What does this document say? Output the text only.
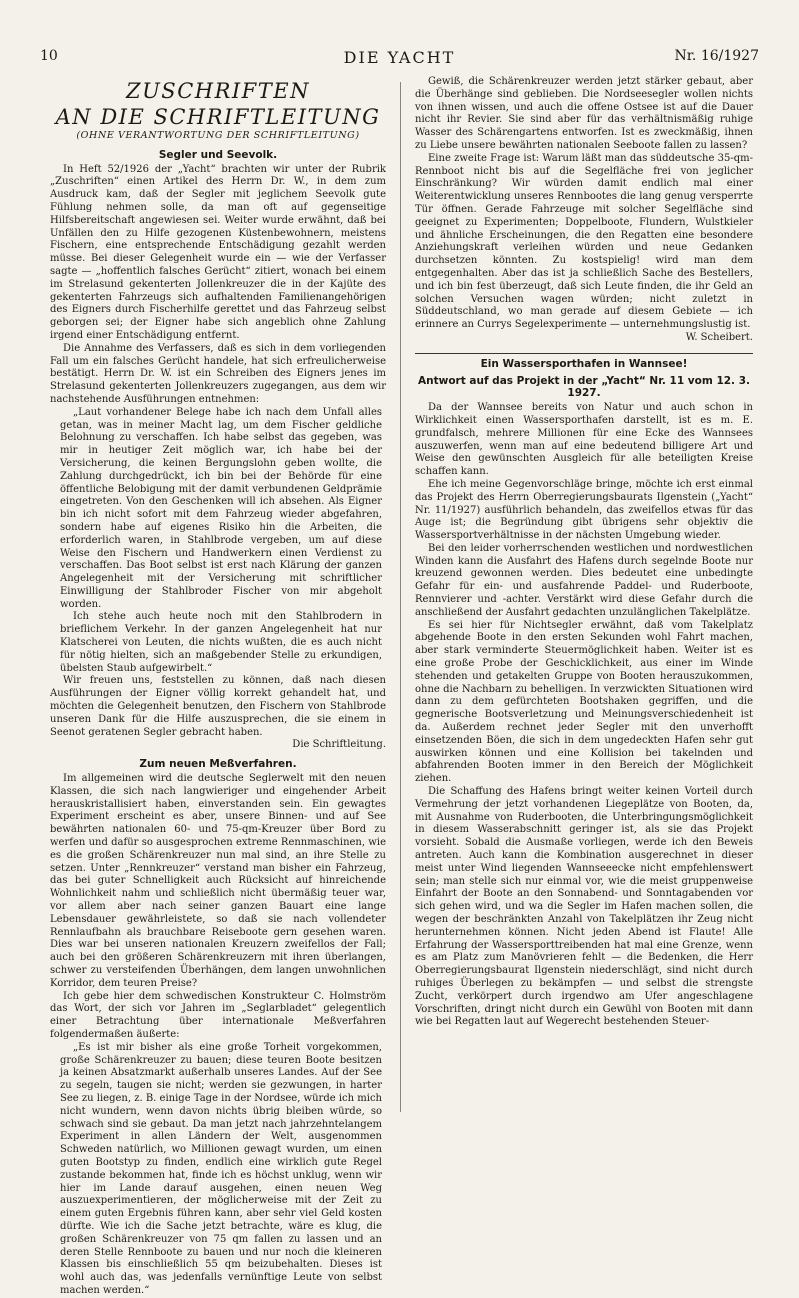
10	DIE YACHT	Nr. 16/1927
ZUSCHRIFTEN
AN DIE SCHRIFTLEITUNG
(OHNE VERANTWORTUNG DER SCHRIFTLEITUNG)
Segler und Seevolk.

In Heft 52/1926 der „Yacht“ brachten wir unter der Rubrik „Zuschriften“ einen Artikel des Herrn Dr. W., in dem zum Ausdruck kam, daß der Segler mit jeglichem Seevolk gute Fühlung nehmen solle, da man oft auf gegenseitige Hilfsbereitschaft angewiesen sei. Weiter wurde erwähnt, daß bei Unfällen den zu Hilfe gezogenen Küstenbewohnern, meistens Fischern, eine entsprechende Entschädigung gezahlt werden müsse. Bei dieser Gelegenheit wurde ein — wie der Verfasser sagte — „hoffentlich falsches Gerücht“ zitiert, wonach bei einem im Strelasund gekenterten Jollenkreuzer die in der Kajüte des gekenterten Fahrzeugs sich aufhaltenden Familienangehörigen des Eigners durch Fischerhilfe gerettet und das Fahrzeug selbst geborgen sei; der Eigner habe sich angeblich ohne Zahlung irgend einer Entschädigung entfernt.

Die Annahme des Verfassers, daß es sich in dem vorliegenden Fall um ein falsches Gerücht handele, hat sich erfreulicherweise bestätigt. Herrn Dr. W. ist ein Schreiben des Eigners jenes im Strelasund gekenterten Jollenkreuzers zugegangen, aus dem wir nachstehende Ausführungen entnehmen:

„Laut vorhandener Belege habe ich nach dem Unfall alles getan, was in meiner Macht lag, um dem Fischer geldliche Belohnung zu verschaffen. Ich habe selbst das gegeben, was mir in heutiger Zeit möglich war, ich habe bei der Versicherung, die keinen Bergungslohn geben wollte, die Zahlung durchgedrückt, ich bin bei der Behörde für eine öffentliche Belobigung mit der damit verbundenen Geldprämie eingetreten. Von den Geschenken will ich absehen. Als Eigner bin ich nicht sofort mit dem Fahrzeug wieder abgefahren, sondern habe auf eigenes Risiko hin die Arbeiten, die erforderlich waren, in Stahlbrode vergeben, um auf diese Weise den Fischern und Handwerkern einen Verdienst zu verschaffen. Das Boot selbst ist erst nach Klärung der ganzen Angelegenheit mit der Versicherung mit schriftlicher Einwilligung der Stahlbroder Fischer von mir abgeholt worden.

Ich stehe auch heute noch mit den Stahlbrodern in brieflichem Verkehr. In der ganzen Angelegenheit hat nur Klatscherei von Leuten, die nichts wußten, die es auch nicht für nötig hielten, sich an maßgebender Stelle zu erkundigen, übelsten Staub aufgewirbelt.“

Wir freuen uns, feststellen zu können, daß nach diesen Ausführungen der Eigner völlig korrekt gehandelt hat, und möchten die Gelegenheit benutzen, den Fischern von Stahlbrode unseren Dank für die Hilfe auszusprechen, die sie einem in Seenot geratenen Segler gebracht haben.

Die Schriftleitung.
Zum neuen Meßverfahren.

Im allgemeinen wird die deutsche Seglerwelt mit den neuen Klassen, die sich nach langwieriger und eingehender Arbeit herauskristallisiert haben, einverstanden sein. Ein gewagtes Experiment erscheint es aber, unsere Binnen- und auf See bewährten nationalen 60- und 75-qm-Kreuzer über Bord zu werfen und dafür so ausgesprochen extreme Rennmaschinen, wie es die großen Schärenkreuzer nun mal sind, an ihre Stelle zu setzen. Unter „Rennkreuzer“ verstand man bisher ein Fahrzeug, das bei guter Schnelligkeit auch Rücksicht auf hinreichende Wohnlichkeit nahm und schließlich nicht übermäßig teuer war, vor allem aber nach seiner ganzen Bauart eine lange Lebensdauer gewährleistete, so daß sie nach vollendeter Rennlaufbahn als brauchbare Reiseboote gern gesehen waren. Dies war bei unseren nationalen Kreuzern zweifellos der Fall; auch bei den größeren Schärenkreuzern mit ihren überlangen, schwer zu versteifenden Überhängen, dem langen unwohnlichen Korridor, dem teuren Preise?

Ich gebe hier dem schwedischen Konstrukteur C. Holmström das Wort, der sich vor Jahren im „Seglarbladet“ gelegentlich einer Betrachtung über internationale Meßverfahren folgendermaßen äußerte:

„Es ist mir bisher als eine große Torheit vorgekommen, große Schärenkreuzer zu bauen; diese teuren Boote besitzen ja keinen Absatzmarkt außerhalb unseres Landes. Auf der See zu segeln, taugen sie nicht; werden sie gezwungen, in harter See zu liegen, z. B. einige Tage in der Nordsee, würde ich mich nicht wundern, wenn davon nichts übrig bleiben würde, so schwach sind sie gebaut. Da man jetzt nach jahrzehntelangem Experiment in allen Ländern der Welt, ausgenommen Schweden natürlich, wo Millionen gewagt wurden, um einen guten Bootstyp zu finden, endlich eine wirklich gute Regel zustande bekommen hat, finde ich es höchst unklug, wenn wir hier im Lande darauf ausgehen, einen neuen Weg auszuexperimentieren, der möglicherweise mit der Zeit zu einem guten Ergebnis führen kann, aber sehr viel Geld kosten dürfte. Wie ich die Sache jetzt betrachte, wäre es klug, die großen Schärenkreuzer von 75 qm fallen zu lassen und an deren Stelle Rennboote zu bauen und nur noch die kleineren Klassen bis einschließlich 55 qm beizubehalten. Dieses ist wohl auch das, was jedenfalls vernünftige Leute von selbst machen werden.“

Gewiß, die Schärenkreuzer werden jetzt stärker gebaut, aber die Überhänge sind geblieben. Die Nordseesegler wollen nichts von ihnen wissen, und auch die offene Ostsee ist auf die Dauer nicht ihr Revier. Sie sind aber für das verhältnismäßig ruhige Wasser des Schärengartens entworfen. Ist es zweckmäßig, ihnen zu Liebe unsere bewährten nationalen Seeboote fallen zu lassen?

Eine zweite Frage ist: Warum läßt man das süddeutsche 35-qm-Rennboot nicht bis auf die Segelfläche frei von jeglicher Einschränkung? Wir würden damit endlich mal einer Weiterentwicklung unseres Rennbootes die lang genug versperrte Tür öffnen. Gerade Fahrzeuge mit solcher Segelfläche sind geeignet zu Experimenten; Doppelboote, Flundern, Wulstkieler und ähnliche Erscheinungen, die den Regatten eine besondere Anziehungskraft verleihen würden und neue Gedanken durchsetzen könnten. Zu kostspielig! wird man dem entgegenhalten. Aber das ist ja schließlich Sache des Bestellers, und ich bin fest überzeugt, daß sich Leute finden, die ihr Geld an solchen Versuchen wagen würden; nicht zuletzt in Süddeutschland, wo man gerade auf diesem Gebiete — ich erinnere an Currys Segelexperimente — unternehmungslustig ist.

W. Scheibert.
Ein Wassersporthafen in Wannsee!
Antwort auf das Projekt in der „Yacht“ Nr. 11 vom 12. 3. 1927.

Da der Wannsee bereits von Natur und auch schon in Wirklichkeit einen Wassersporthafen darstellt, ist es m. E. grundfalsch, mehrere Millionen für eine Ecke des Wannsees auszuwerfen, wenn man auf eine bedeutend billigere Art und Weise den gewünschten Ausgleich für alle beteiligten Kreise schaffen kann.

Ehe ich meine Gegenvorschläge bringe, möchte ich erst einmal das Projekt des Herrn Oberregierungsbaurats Ilgenstein („Yacht“ Nr. 11/1927) ausführlich behandeln, das zweifellos etwas für das Auge ist; die Begründung gibt übrigens sehr objektiv die Wassersportverhältnisse in der nächsten Umgebung wieder.

Bei den leider vorherrschenden westlichen und nordwestlichen Winden kann die Ausfahrt des Hafens durch segelnde Boote nur kreuzend gewonnen werden. Dies bedeutet eine unbedingte Gefahr für ein- und ausfahrende Paddel- und Ruderboote, Rennvierer und -achter. Verstärkt wird diese Gefahr durch die anschließend der Ausfahrt gedachten unzulänglichen Takelplätze.

Es sei hier für Nichtsegler erwähnt, daß vom Takelplatz abgehende Boote in den ersten Sekunden wohl Fahrt machen, aber stark verminderte Steuermöglichkeit haben. Weiter ist es eine große Probe der Geschicklichkeit, aus einer im Winde stehenden und getakelten Gruppe von Booten herauszukommen, ohne die Nachbarn zu behelligen. In verzwickten Situationen wird dann zu dem gefürchteten Bootshaken gegriffen, und die gegnerische Bootsverletzung und Meinungsverschiedenheit ist da. Außerdem rechnet jeder Segler mit den unverhofft einsetzenden Böen, die sich in dem ungedeckten Hafen sehr gut auswirken können und eine Kollision bei takelnden und abfahrenden Booten immer in den Bereich der Möglichkeit ziehen.

Die Schaffung des Hafens bringt weiter keinen Vorteil durch Vermehrung der jetzt vorhandenen Liegeplätze von Booten, da, mit Ausnahme von Ruderbooten, die Unterbringungsmöglichkeit in diesem Wasserabschnitt geringer ist, als sie das Projekt vorsieht. Sobald die Ausmaße vorliegen, werde ich den Beweis antreten. Auch kann die Kombination ausgerechnet in dieser meist unter Wind liegenden Wannseeecke nicht empfehlenswert sein; man stelle sich nur einmal vor, wie die meist gruppenweise Einfahrt der Boote an den Sonnabend- und Sonntagabenden vor sich gehen wird, und wa die Segler im Hafen machen sollen, die wegen der beschränkten Anzahl von Takelplätzen ihr Zeug nicht herunternehmen können. Nicht jeden Abend ist Flaute! Alle Erfahrung der Wassersporttreibenden hat mal eine Grenze, wenn es am Platz zum Manövrieren fehlt — die Bedenken, die Herr Oberregierungsbaurat Ilgenstein niederschlägt, sind nicht durch ruhiges Überlegen zu bekämpfen — und selbst die strengste Zucht, verkörpert durch irgendwo am Ufer angeschlagene Vorschriften, dringt nicht durch ein Gewühl von Booten mit dann wie bei Regatten laut auf Wegerecht bestehenden Steuer-
